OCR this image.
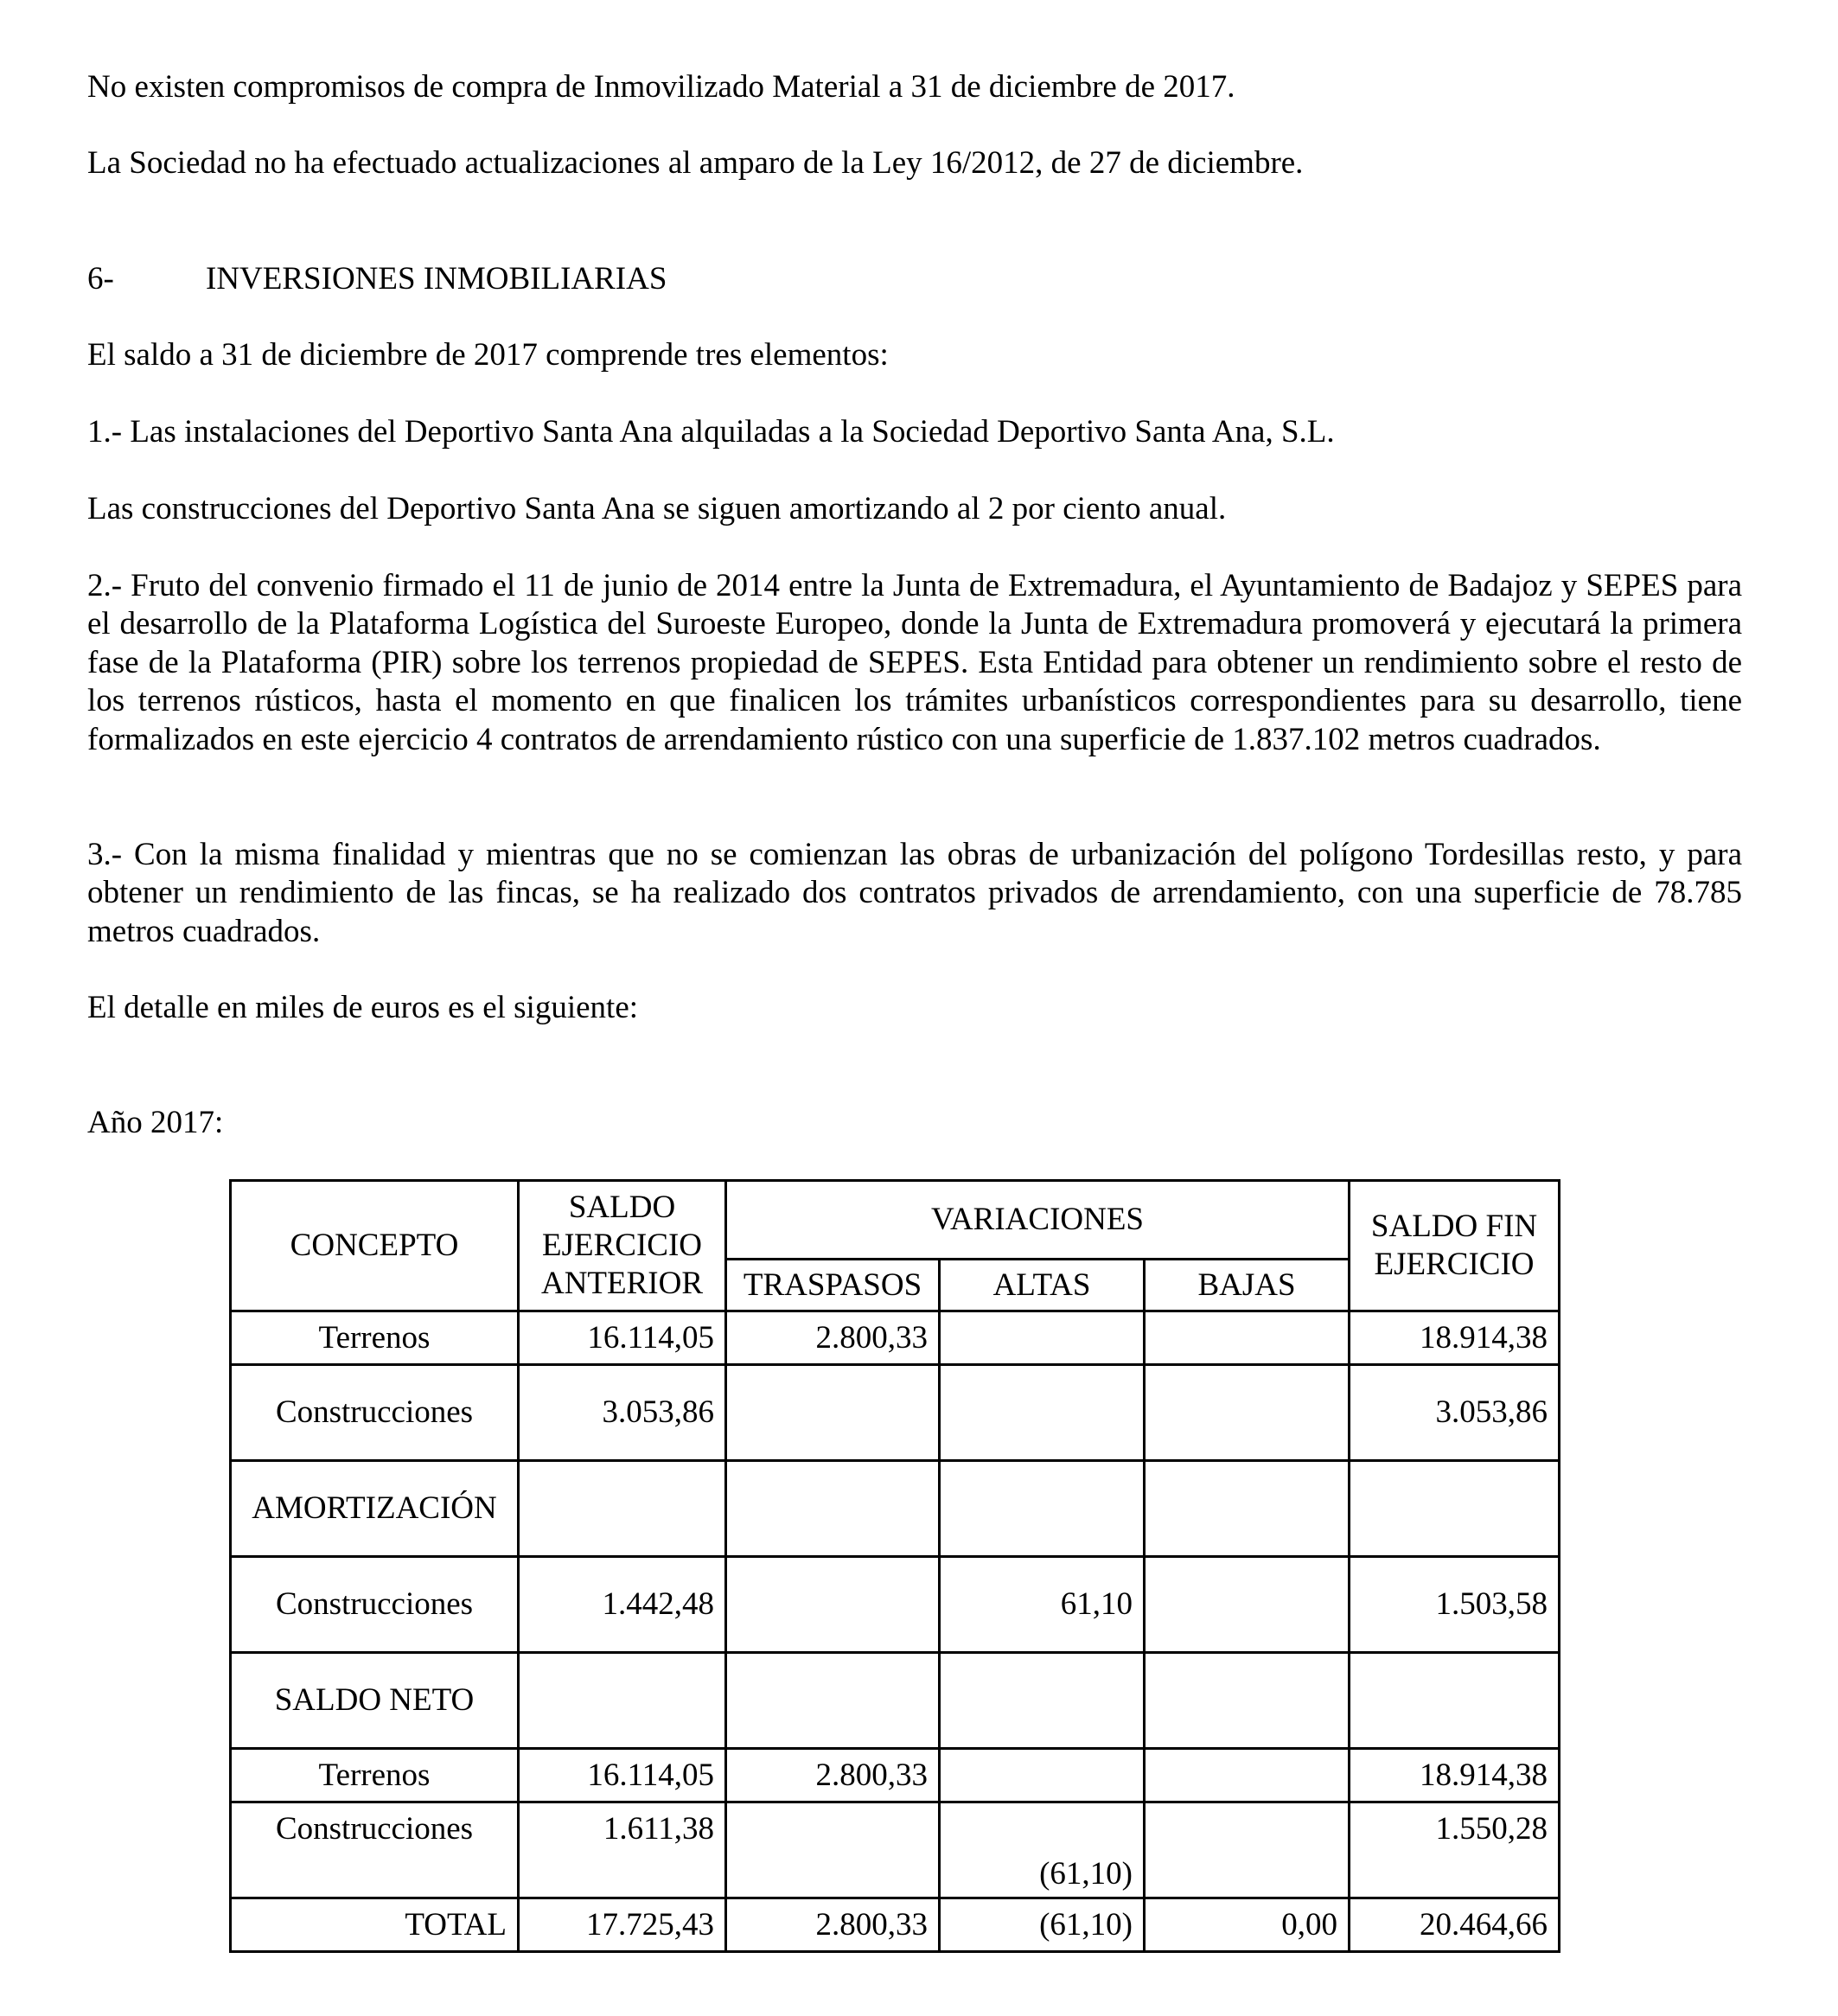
No existen compromisos de compra de Inmovilizado Material a 31 de diciembre de 2017.

La Sociedad no ha efectuado actualizaciones al amparo de la Ley 16/2012, de 27 de diciembre.

6-	INVERSIONES INMOBILIARIAS

El saldo a 31 de diciembre de 2017 comprende tres elementos:

1.- Las instalaciones del Deportivo Santa Ana alquiladas a la Sociedad Deportivo Santa Ana, S.L.

Las construcciones del Deportivo Santa Ana se siguen amortizando al 2 por ciento anual.

2.- Fruto del convenio firmado el 11 de junio de 2014 entre la Junta de Extremadura, el Ayuntamiento de Badajoz y SEPES para el desarrollo de la Plataforma Logística del Suroeste Europeo, donde la Junta de Extremadura promoverá y ejecutará la primera fase de la Plataforma (PIR) sobre los terrenos propiedad de SEPES. Esta Entidad para obtener un rendimiento sobre el resto de los terrenos rústicos, hasta el momento en que finalicen los trámites urbanísticos correspondientes para su desarrollo, tiene formalizados en este ejercicio 4 contratos de arrendamiento rústico con una superficie de 1.837.102 metros cuadrados.

3.- Con la misma finalidad y mientras que no se comienzan las obras de urbanización del polígono Tordesillas resto, y para obtener un rendimiento de las fincas, se ha realizado dos contratos privados de arrendamiento, con una superficie de 78.785 metros cuadrados.

El detalle en miles de euros es el siguiente:

Año 2017:

CONCEPTO	SALDO EJERCICIO ANTERIOR	VARIACIONES			SALDO FIN EJERCICIO
		TRASPASOS	ALTAS	BAJAS	
Terrenos	16.114,05	2.800,33			18.914,38
Construcciones	3.053,86				3.053,86
AMORTIZACIÓN					
Construcciones	1.442,48		61,10		1.503,58
SALDO NETO					
Terrenos	16.114,05	2.800,33			18.914,38
Construcciones	1.611,38		(61,10)		1.550,28
TOTAL	17.725,43	2.800,33	(61,10)	0,00	20.464,66
